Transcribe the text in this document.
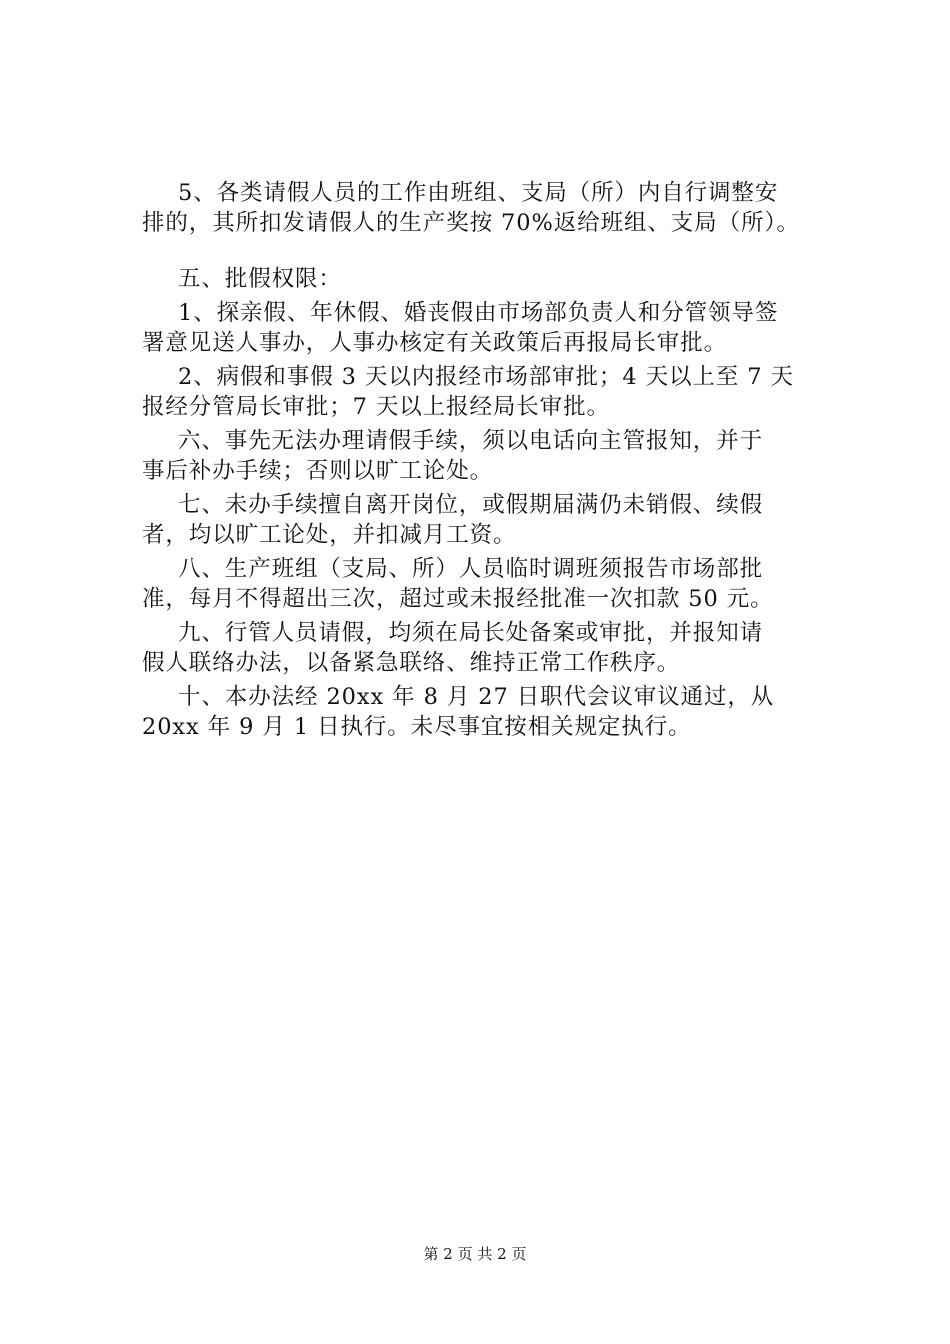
5、各类请假人员的工作由班组、支局（所）内自行调整安
排的，其所扣发请假人的生产奖按 70%返给班组、支局（所）。
五、批假权限：
1、探亲假、年休假、婚丧假由市场部负责人和分管领导签
署意见送人事办，人事办核定有关政策后再报局长审批。
2、病假和事假 3 天以内报经市场部审批；4 天以上至 7 天
报经分管局长审批；7 天以上报经局长审批。
六、事先无法办理请假手续，须以电话向主管报知，并于
事后补办手续；否则以旷工论处。
七、未办手续擅自离开岗位，或假期届满仍未销假、续假
者，均以旷工论处，并扣减月工资。
八、生产班组（支局、所）人员临时调班须报告市场部批
准，每月不得超出三次，超过或未报经批准一次扣款 50 元。
九、行管人员请假，均须在局长处备案或审批，并报知请
假人联络办法，以备紧急联络、维持正常工作秩序。
十、本办法经 20xx 年 8 月 27 日职代会议审议通过，从
20xx 年 9 月 1 日执行。未尽事宜按相关规定执行。
第 2 页 共 2 页
